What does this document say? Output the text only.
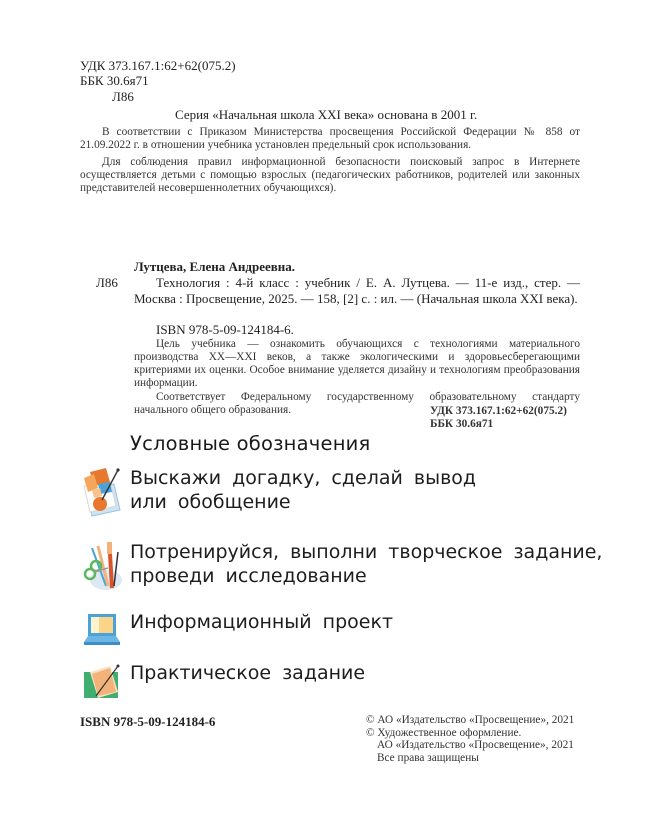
УДК 373.167.1:62+62(075.2)
ББК 30.6я71
Л86
Серия «Начальная школа XXI века» основана в 2001 г.
В соответствии с Приказом Министерства просвещения Российской Федерации № 858 от 21.09.2022 г. в отношении учебника установлен предельный срок использования.
Для соблюдения правил информационной безопасности поисковый запрос в Интернете осуществляется детьми с помощью взрослых (педагогических работников, родителей или законных представителей несовершеннолетних обучающихся).
Лутцева, Елена Андреевна.
Л86	Технология : 4-й класс : учебник / Е. А. Лутцева. — 11-е изд., стер. — Москва : Просвещение, 2025. — 158, [2] с. : ил. — (Начальная школа XXI века).
ISBN 978-5-09-124184-6.
Цель учебника — ознакомить обучающихся с технологиями материального производства XX—XXI веков, а также экологическими и здоровьесберегающими критериями их оценки. Особое внимание уделяется дизайну и технологиям преобразования информации.
Соответствует Федеральному государственному образовательному стандарту начального общего образования.	УДК 373.167.1:62+62(075.2)
ББК 30.6я71
Условные обозначения
Выскажи догадку, сделай вывод
или обобщение
Потренируйся, выполни творческое задание,
проведи исследование
Информационный проект
Практическое задание
ISBN 978-5-09-124184-6	© АО «Издательство «Просвещение», 2021
© Художественное оформление.
АО «Издательство «Просвещение», 2021
Все права защищены
